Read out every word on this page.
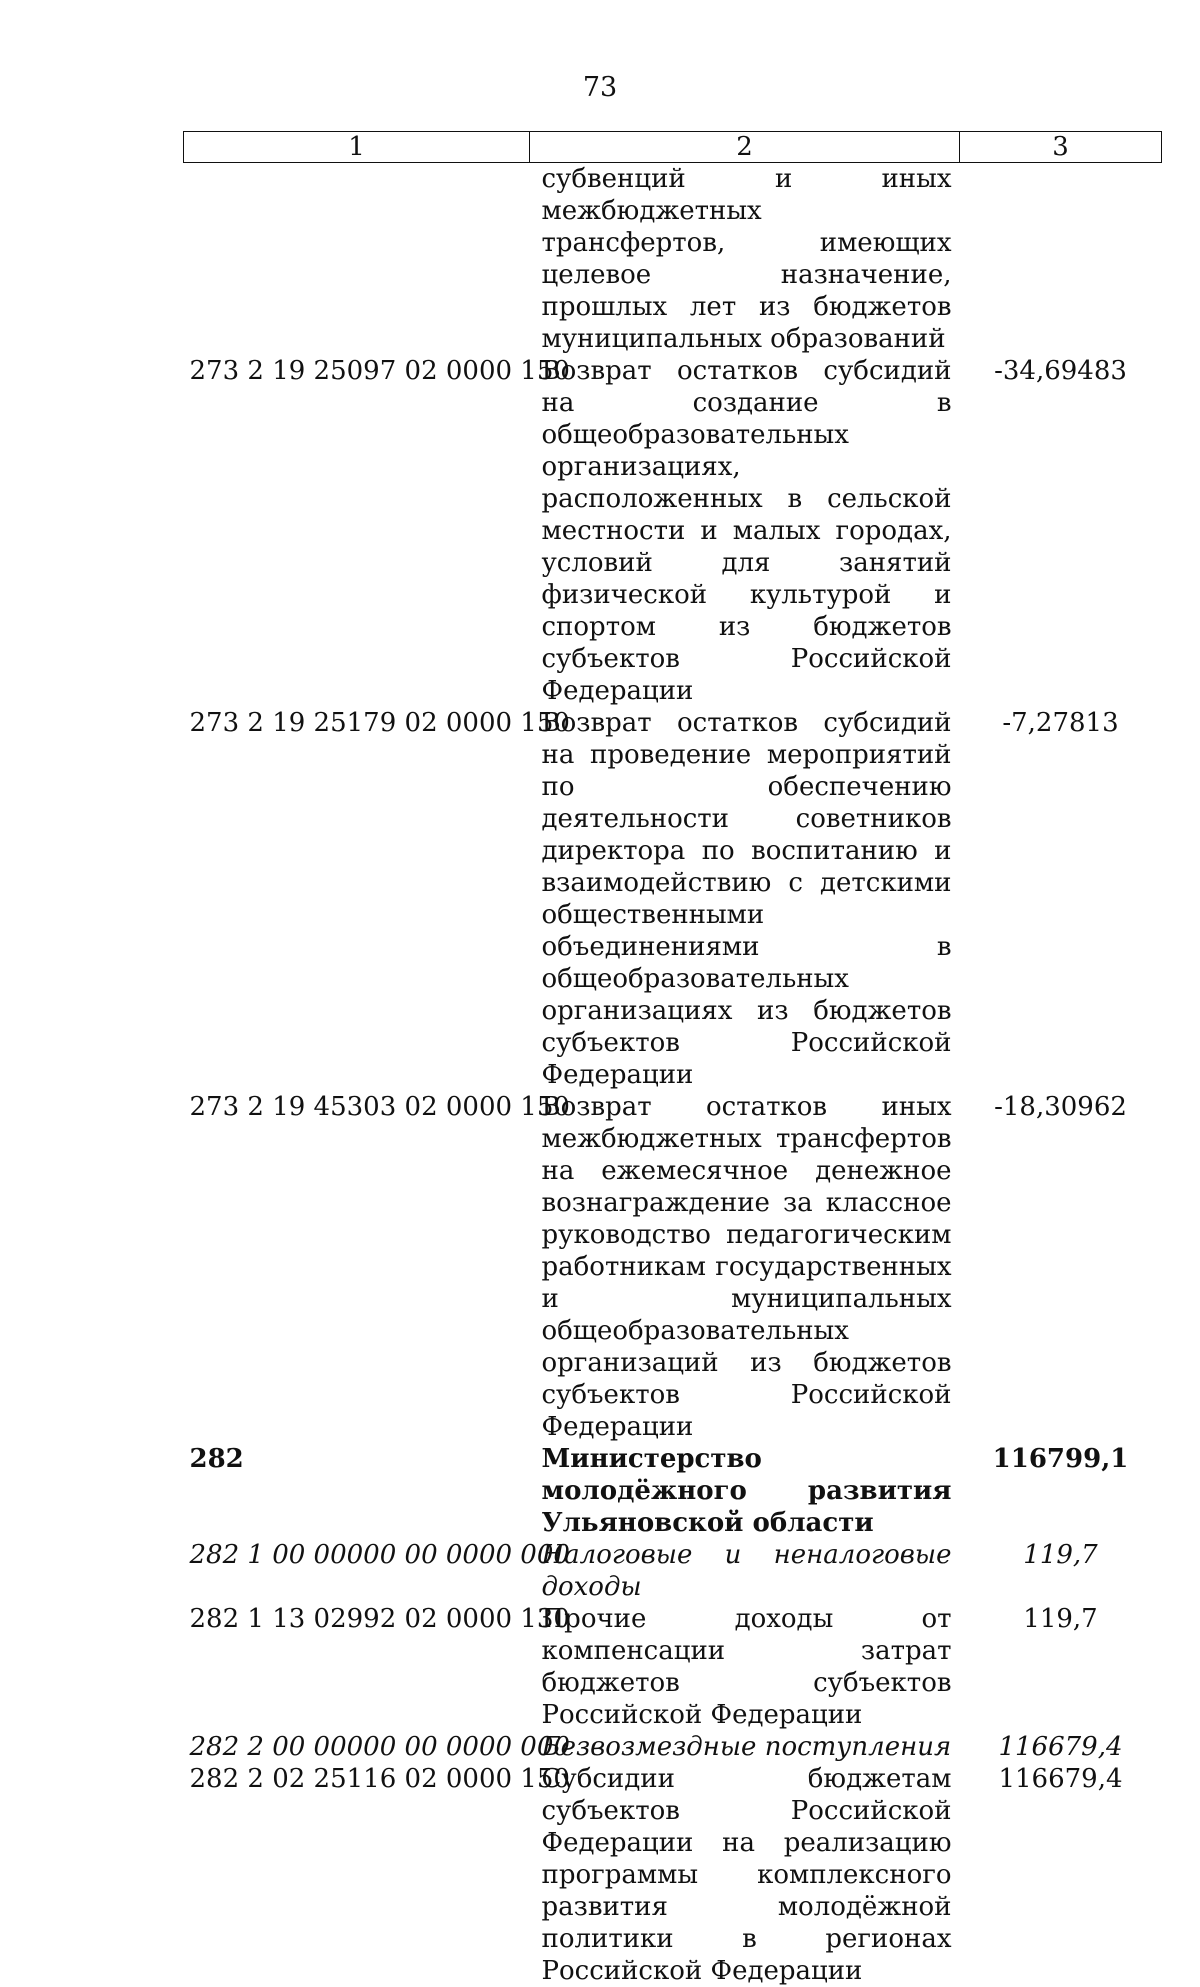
73
1	2	3
	субвенций и иных межбюджетных трансфертов, имеющих целевое назначение, прошлых лет из бюджетов муниципальных образований	
273 2 19 25097 02 0000 150	Возврат остатков субсидий на создание в общеобразовательных организациях, расположенных в сельской местности и малых городах, условий для занятий физической культурой и спортом из бюджетов субъектов Российской Федерации	-34,69483
273 2 19 25179 02 0000 150	Возврат остатков субсидий на проведение мероприятий по обеспечению деятельности советников директора по воспитанию и взаимодействию с детскими общественными объединениями в общеобразовательных организациях из бюджетов субъектов Российской Федерации	-7,27813
273 2 19 45303 02 0000 150	Возврат остатков иных межбюджетных трансфертов на ежемесячное денежное вознаграждение за классное руководство педагогическим работникам государственных и муниципальных общеобразовательных организаций из бюджетов субъектов Российской Федерации	-18,30962
282	Министерство молодёжного развития Ульяновской области	116799,1
282 1 00 00000 00 0000 000	Налоговые и неналоговые доходы	119,7
282 1 13 02992 02 0000 130	Прочие доходы от компенсации затрат бюджетов субъектов Российской Федерации	119,7
282 2 00 00000 00 0000 000	Безвозмездные поступления	116679,4
282 2 02 25116 02 0000 150	Субсидии бюджетам субъектов Российской Федерации на реализацию программы комплексного развития молодёжной политики в регионах Российской Федерации	116679,4
